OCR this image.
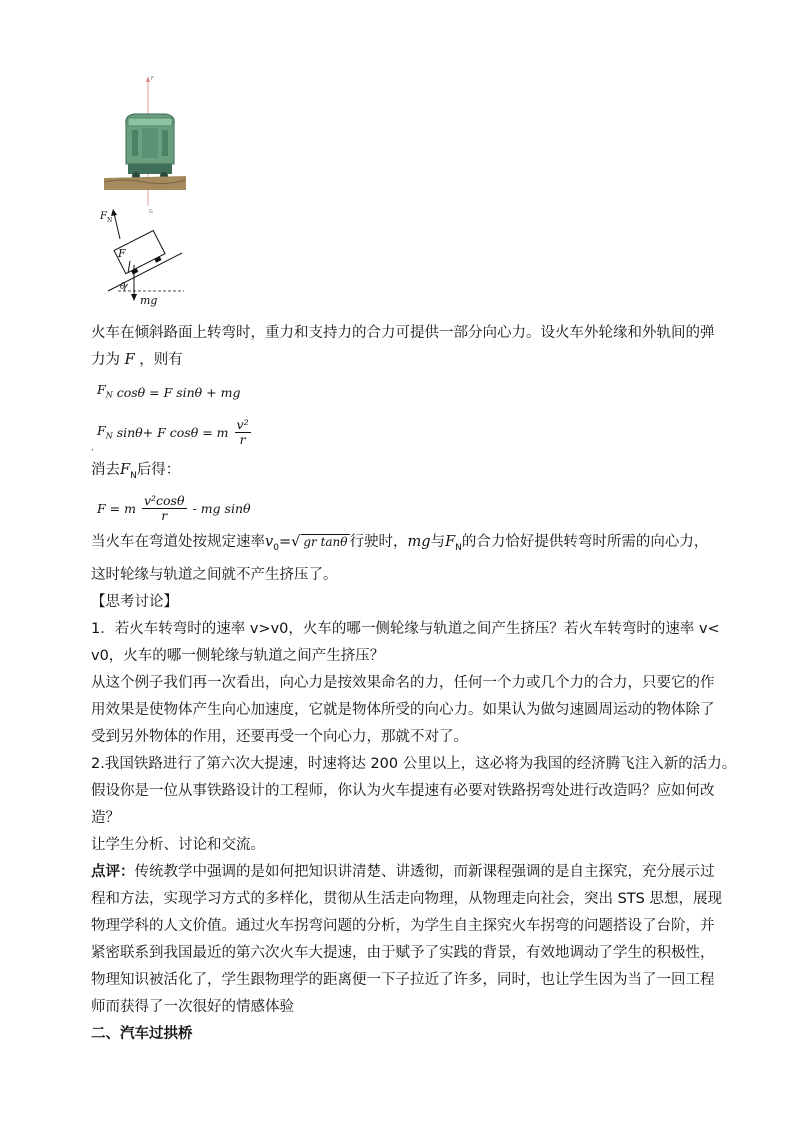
F
G
F N
F
mg
θ

火车在倾斜路面上转弯时，重力和支持力的合力可提供一部分向心力。设火车外轮缘和外轨间的弹

力为 F ，则有

$F_N$ cosθ = F sinθ + mg
$F_N$ sinθ+ F cosθ = m $\frac{\text{v²}}{r}$
‘

消去$F_N$后得：

F = m $\frac{\text{v²cosθ}}{r}$ - mg sinθ

当火车在弯道处按规定速率$v_0=√$ gr tanθ 行驶时，mg与$F_N$的合力恰好提供转弯时所需的向心力，

这时轮缘与轨道之间就不产生挤压了。

【思考讨论】

1．若火车转弯时的速率 v>v0，火车的哪一侧轮缘与轨道之间产生挤压？若火车转弯时的速率 v<

v0，火车的哪一侧轮缘与轨道之间产生挤压？

从这个例子我们再一次看出，向心力是按效果命名的力，任何一个力或几个力的合力，只要它的作

用效果是使物体产生向心加速度，它就是物体所受的向心力。如果认为做匀速圆周运动的物体除了

受到另外物体的作用，还要再受一个向心力，那就不对了。

2.我国铁路进行了第六次大提速，时速将达 200 公里以上，这必将为我国的经济腾飞注入新的活力。

假设你是一位从事铁路设计的工程师，你认为火车提速有必要对铁路拐弯处进行改造吗？应如何改

造？

让学生分析、讨论和交流。

点评：传统教学中强调的是如何把知识讲清楚、讲透彻，而新课程强调的是自主探究，充分展示过

程和方法，实现学习方式的多样化，贯彻从生活走向物理，从物理走向社会，突出 STS 思想，展现

物理学科的人文价值。通过火车拐弯问题的分析，为学生自主探究火车拐弯的问题搭设了台阶，并

紧密联系到我国最近的第六次火车大提速，由于赋予了实践的背景，有效地调动了学生的积极性，

物理知识被活化了，学生跟物理学的距离便一下子拉近了许多，同时，也让学生因为当了一回工程

师而获得了一次很好的情感体验

二、汽车过拱桥
